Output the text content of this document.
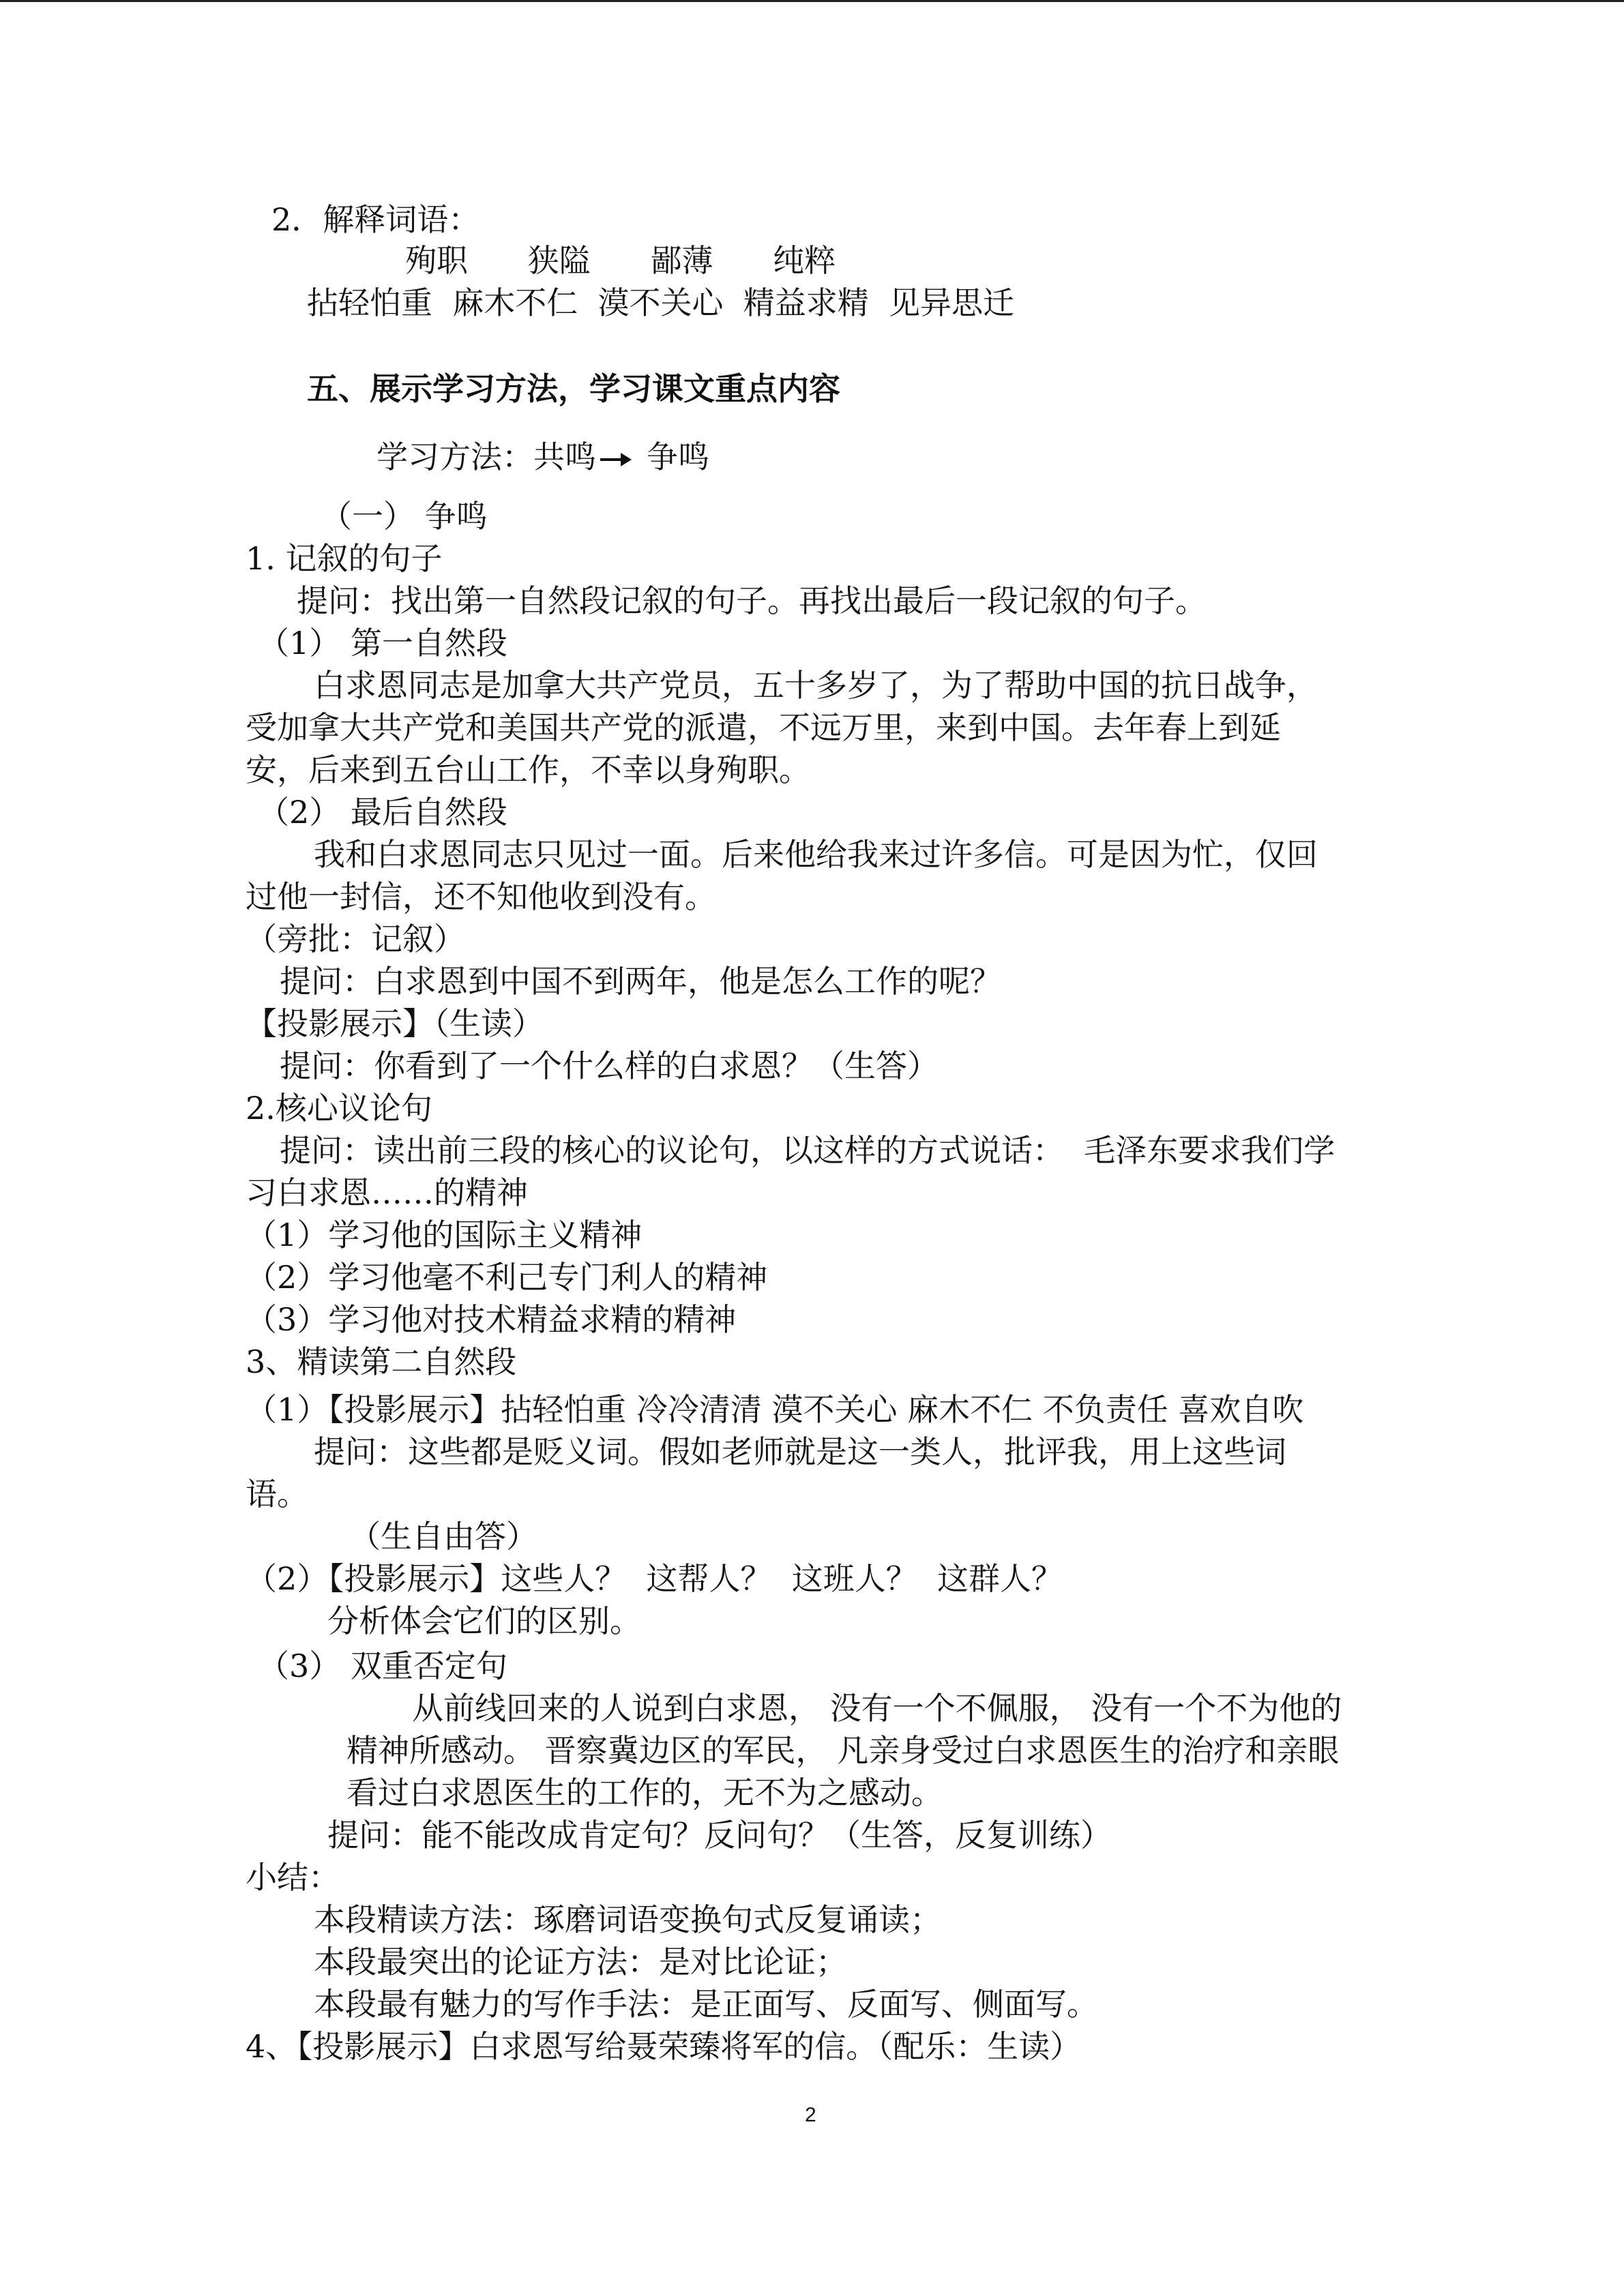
2．解释词语：
殉职      狭隘      鄙薄      纯粹
拈轻怕重  麻木不仁  漠不关心  精益求精  见异思迁
五、展示学习方法，学习课文重点内容
学习方法：共鸣 争鸣
（一） 争鸣
1. 记叙的句子
提问：找出第一自然段记叙的句子。再找出最后一段记叙的句子。
（1） 第一自然段
白求恩同志是加拿大共产党员，五十多岁了，为了帮助中国的抗日战争，
受加拿大共产党和美国共产党的派遣，不远万里，来到中国。去年春上到延
安，后来到五台山工作，不幸以身殉职。
（2） 最后自然段
我和白求恩同志只见过一面。后来他给我来过许多信。可是因为忙，仅回
过他一封信，还不知他收到没有。
（旁批：记叙）
提问：白求恩到中国不到两年，他是怎么工作的呢？
【投影展示】（生读）
提问：你看到了一个什么样的白求恩？（生答）
2.核心议论句
提问：读出前三段的核心的议论句，以这样的方式说话：  毛泽东要求我们学
习白求恩……的精神
（1）学习他的国际主义精神
（2）学习他毫不利己专门利人的精神
（3）学习他对技术精益求精的精神
3、精读第二自然段
（1）【投影展示】拈轻怕重 冷冷清清 漠不关心 麻木不仁 不负责任 喜欢自吹
提问：这些都是贬义词。假如老师就是这一类人，批评我，用上这些词
语。
（生自由答）
（2）【投影展示】这些人？  这帮人？  这班人？  这群人？
分析体会它们的区别。
（3） 双重否定句
从前线回来的人说到白求恩， 没有一个不佩服， 没有一个不为他的
精神所感动。 晋察冀边区的军民， 凡亲身受过白求恩医生的治疗和亲眼
看过白求恩医生的工作的，无不为之感动。
提问：能不能改成肯定句？反问句？（生答，反复训练）
小结：
本段精读方法：琢磨词语变换句式反复诵读；
本段最突出的论证方法：是对比论证；
本段最有魅力的写作手法：是正面写、反面写、侧面写。
4、【投影展示】白求恩写给聂荣臻将军的信。（配乐：生读）
2
